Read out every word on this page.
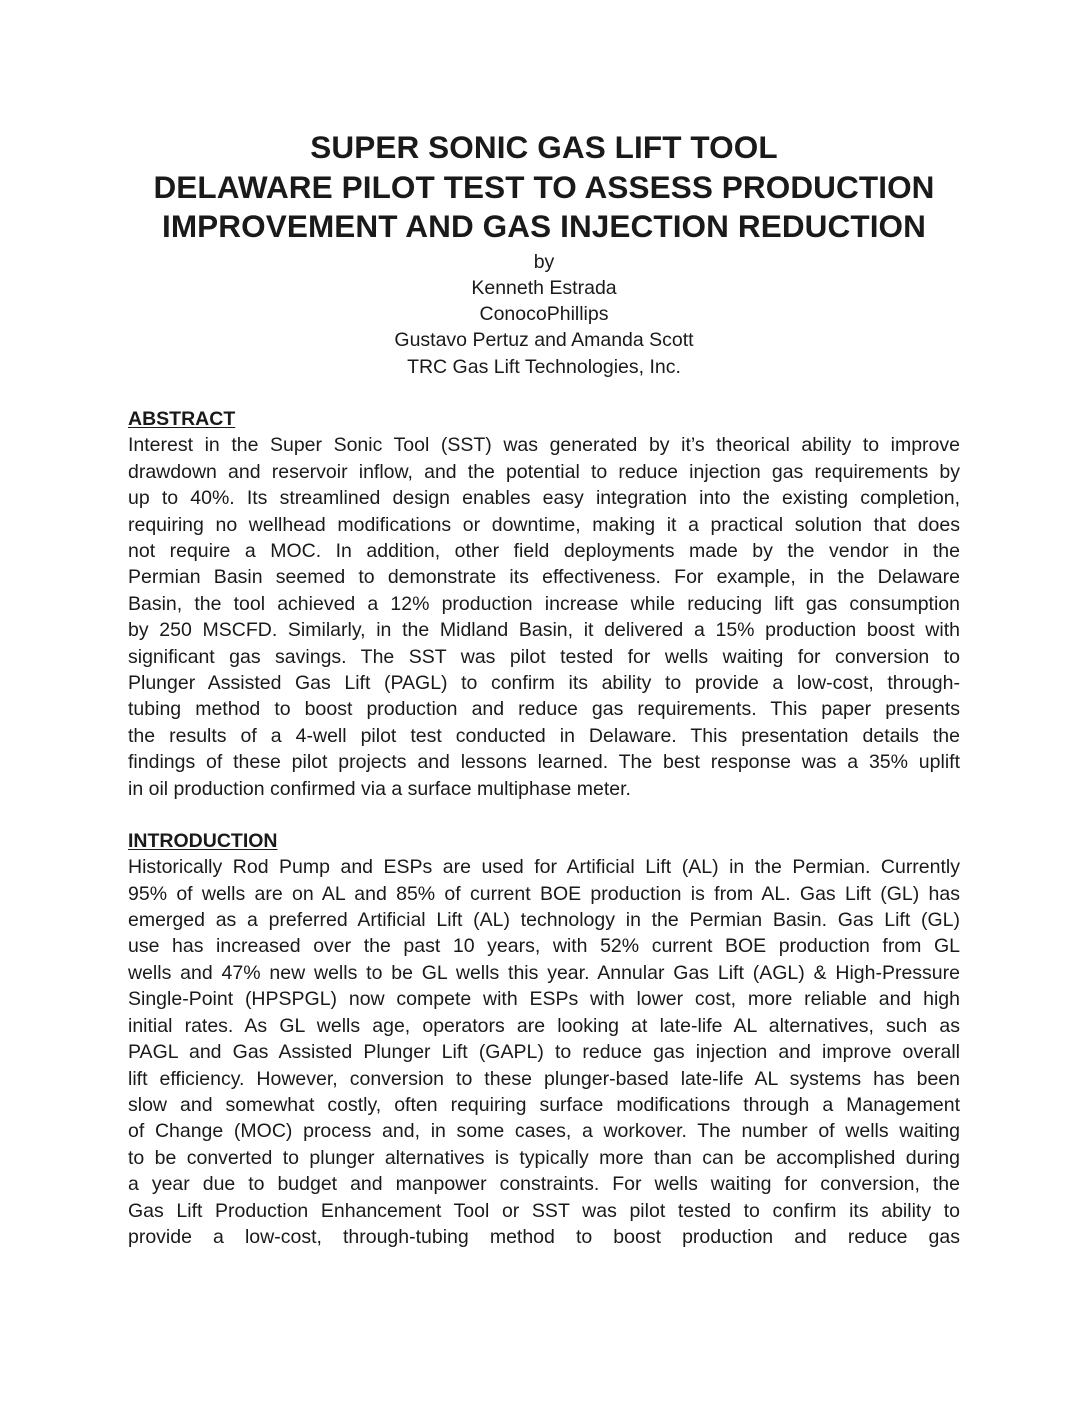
SUPER SONIC GAS LIFT TOOL
DELAWARE PILOT TEST TO ASSESS PRODUCTION
IMPROVEMENT AND GAS INJECTION REDUCTION
by
Kenneth Estrada
ConocoPhillips
Gustavo Pertuz and Amanda Scott
TRC Gas Lift Technologies, Inc.
ABSTRACT
Interest in the Super Sonic Tool (SST) was generated by it’s theorical ability to improve
drawdown and reservoir inflow, and the potential to reduce injection gas requirements by
up to 40%. Its streamlined design enables easy integration into the existing completion,
requiring no wellhead modifications or downtime, making it a practical solution that does
not require a MOC. In addition, other field deployments made by the vendor in the
Permian Basin seemed to demonstrate its effectiveness. For example, in the Delaware
Basin, the tool achieved a 12% production increase while reducing lift gas consumption
by 250 MSCFD. Similarly, in the Midland Basin, it delivered a 15% production boost with
significant gas savings. The SST was pilot tested for wells waiting for conversion to
Plunger Assisted Gas Lift (PAGL) to confirm its ability to provide a low-cost, through-
tubing method to boost production and reduce gas requirements. This paper presents
the results of a 4-well pilot test conducted in Delaware. This presentation details the
findings of these pilot projects and lessons learned. The best response was a 35% uplift
in oil production confirmed via a surface multiphase meter.
INTRODUCTION
Historically Rod Pump and ESPs are used for Artificial Lift (AL) in the Permian. Currently
95% of wells are on AL and 85% of current BOE production is from AL. Gas Lift (GL) has
emerged as a preferred Artificial Lift (AL) technology in the Permian Basin. Gas Lift (GL)
use has increased over the past 10 years, with 52% current BOE production from GL
wells and 47% new wells to be GL wells this year. Annular Gas Lift (AGL) & High-Pressure
Single-Point (HPSPGL) now compete with ESPs with lower cost, more reliable and high
initial rates. As GL wells age, operators are looking at late-life AL alternatives, such as
PAGL and Gas Assisted Plunger Lift (GAPL) to reduce gas injection and improve overall
lift efficiency. However, conversion to these plunger-based late-life AL systems has been
slow and somewhat costly, often requiring surface modifications through a Management
of Change (MOC) process and, in some cases, a workover. The number of wells waiting
to be converted to plunger alternatives is typically more than can be accomplished during
a year due to budget and manpower constraints. For wells waiting for conversion, the
Gas Lift Production Enhancement Tool or SST was pilot tested to confirm its ability to
provide a low-cost, through-tubing method to boost production and reduce gas
